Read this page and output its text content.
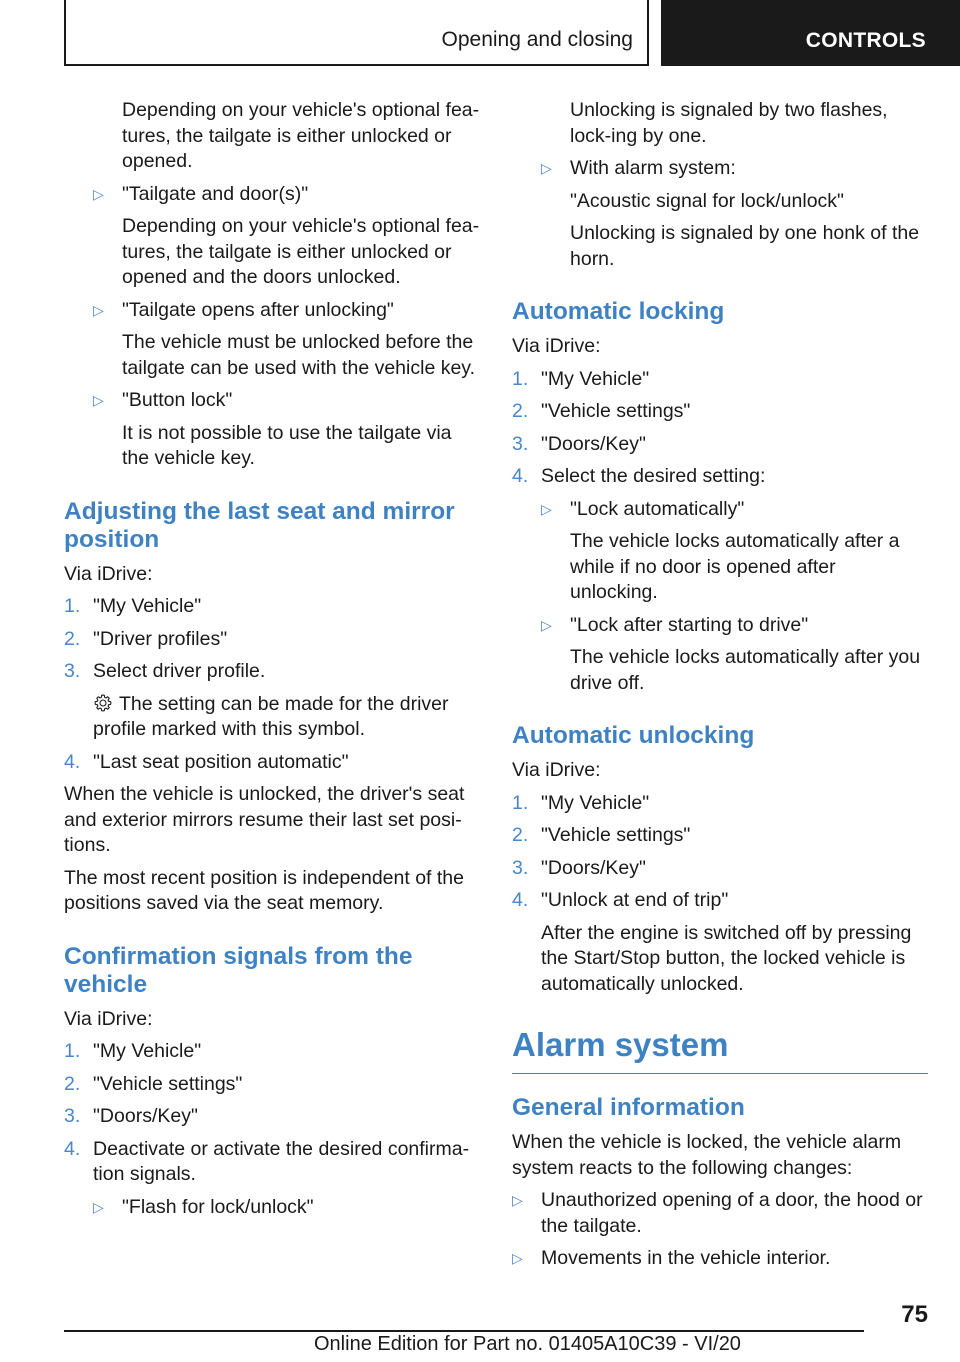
Opening and closing	CONTROLS

Depending on your vehicle's optional fea-tures, the tailgate is either unlocked or opened.

▷ "Tailgate and door(s)"

Depending on your vehicle's optional fea-tures, the tailgate is either unlocked or opened and the doors unlocked.

▷ "Tailgate opens after unlocking"

The vehicle must be unlocked before the tailgate can be used with the vehicle key.

▷ "Button lock"

It is not possible to use the tailgate via the vehicle key.

Adjusting the last seat and mirror position

Via iDrive:

1. "My Vehicle"
2. "Driver profiles"
3. Select driver profile.

The setting can be made for the driver profile marked with this symbol.

4. "Last seat position automatic"

When the vehicle is unlocked, the driver's seat and exterior mirrors resume their last set posi-tions.

The most recent position is independent of the positions saved via the seat memory.

Confirmation signals from the vehicle

Via iDrive:

1. "My Vehicle"
2. "Vehicle settings"
3. "Doors/Key"
4. Deactivate or activate the desired confirma-tion signals.
▷ "Flash for lock/unlock"

Unlocking is signaled by two flashes, lock-ing by one.

▷ With alarm system:

"Acoustic signal for lock/unlock"

Unlocking is signaled by one honk of the horn.

Automatic locking

Via iDrive:

1. "My Vehicle"
2. "Vehicle settings"
3. "Doors/Key"
4. Select the desired setting:
▷ "Lock automatically"

The vehicle locks automatically after a while if no door is opened after unlocking.

▷ "Lock after starting to drive"

The vehicle locks automatically after you drive off.

Automatic unlocking

Via iDrive:

1. "My Vehicle"
2. "Vehicle settings"
3. "Doors/Key"
4. "Unlock at end of trip"

After the engine is switched off by pressing the Start/Stop button, the locked vehicle is automatically unlocked.

Alarm system
General information

When the vehicle is locked, the vehicle alarm system reacts to the following changes:

▷ Unauthorized opening of a door, the hood or the tailgate.
▷ Movements in the vehicle interior.
75
Online Edition for Part no. 01405A10C39 - VI/20
